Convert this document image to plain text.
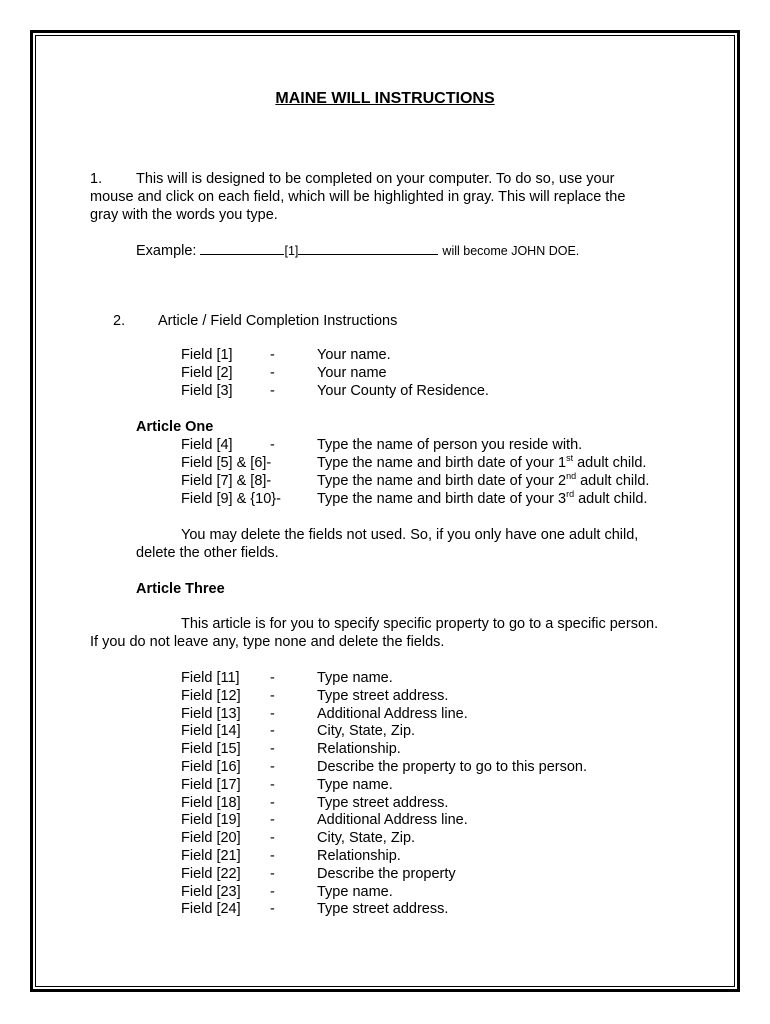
MAINE WILL INSTRUCTIONS
1. This will is designed to be completed on your computer. To do so, use your
mouse and click on each field, which will be highlighted in gray. This will replace the
gray with the words you type.
Example:	[1]	will become JOHN DOE.
2. Article / Field Completion Instructions
Field [1]	-	Your name.
Field [2]	-	Your name
Field [3]	-	Your County of Residence.
Article One
Field [4]	-	Type the name of person you reside with.
Field [5] & [6]-	Type the name and birth date of your 1st adult child.
Field [7] & [8]-	Type the name and birth date of your 2nd adult child.
Field [9] & {10}- Type the name and birth date of your 3rd adult child.
You may delete the fields not used. So, if you only have one adult child,
delete the other fields.
Article Three
This article is for you to specify specific property to go to a specific person.
If you do not leave any, type none and delete the fields.
Field [11] -	Type name.
Field [12] -	Type street address.
Field [13] -	Additional Address line.
Field [14] -	City, State, Zip.
Field [15] -	Relationship.
Field [16] -	Describe the property to go to this person.
Field [17] -	Type name.
Field [18] -	Type street address.
Field [19] -	Additional Address line.
Field [20] -	City, State, Zip.
Field [21] -	Relationship.
Field [22] -	Describe the property
Field [23] -	Type name.
Field [24] -	Type street address.
